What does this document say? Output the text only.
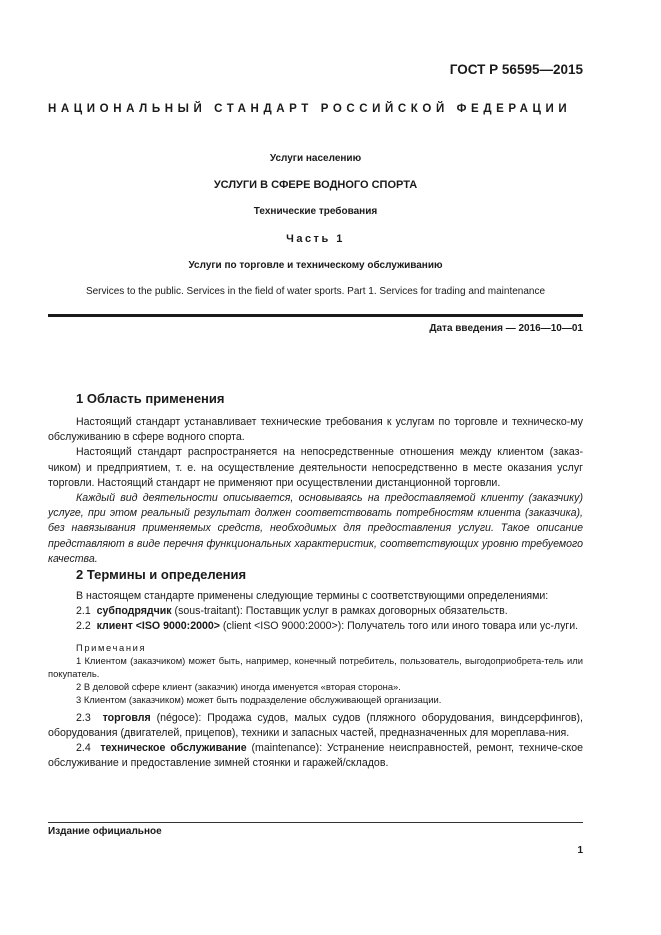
ГОСТ Р 56595—2015
НАЦИОНАЛЬНЫЙ СТАНДАРТ РОССИЙСКОЙ ФЕДЕРАЦИИ
Услуги населению
УСЛУГИ В СФЕРЕ ВОДНОГО СПОРТА
Технические требования
Часть 1
Услуги по торговле и техническому обслуживанию
Services to the public. Services in the field of water sports. Part 1. Services for trading and maintenance
Дата введения — 2016—10—01
1 Область применения

Настоящий стандарт устанавливает технические требования к услугам по торговле и техническо-му обслуживанию в сфере водного спорта.

Настоящий стандарт распространяется на непосредственные отношения между клиентом (заказ-чиком) и предприятием, т. е. на осуществление деятельности непосредственно в месте оказания услуг торговли. Настоящий стандарт не применяют при осуществлении дистанционной торговли.

Каждый вид деятельности описывается, основываясь на предоставляемой клиенту (заказчику) услуге, при этом реальный результат должен соответствовать потребностям клиента (заказчика), без навязывания применяемых средств, необходимых для предоставления услуги. Такое описание представляют в виде перечня функциональных характеристик, соответствующих уровню требуемого качества.

2 Термины и определения

В настоящем стандарте применены следующие термины с соответствующими определениями:

2.1 субподрядчик (sous-traitant): Поставщик услуг в рамках договорных обязательств.

2.2 клиент <ISO 9000:2000> (client <ISO 9000:2000>): Получатель того или иного товара или ус-луги.

Примечания

1 Клиентом (заказчиком) может быть, например, конечный потребитель, пользователь, выгодоприобрета-тель или покупатель.

2 В деловой сфере клиент (заказчик) иногда именуется «вторая сторона».

3 Клиентом (заказчиком) может быть подразделение обслуживающей организации.

2.3 торговля (négoce): Продажа судов, малых судов (пляжного оборудования, виндсерфингов), оборудования (двигателей, прицепов), техники и запасных частей, предназначенных для мореплава-ния.

2.4 техническое обслуживание (maintenance): Устранение неисправностей, ремонт, техниче-ское обслуживание и предоставление зимней стоянки и гаражей/складов.

Издание официальное
1
